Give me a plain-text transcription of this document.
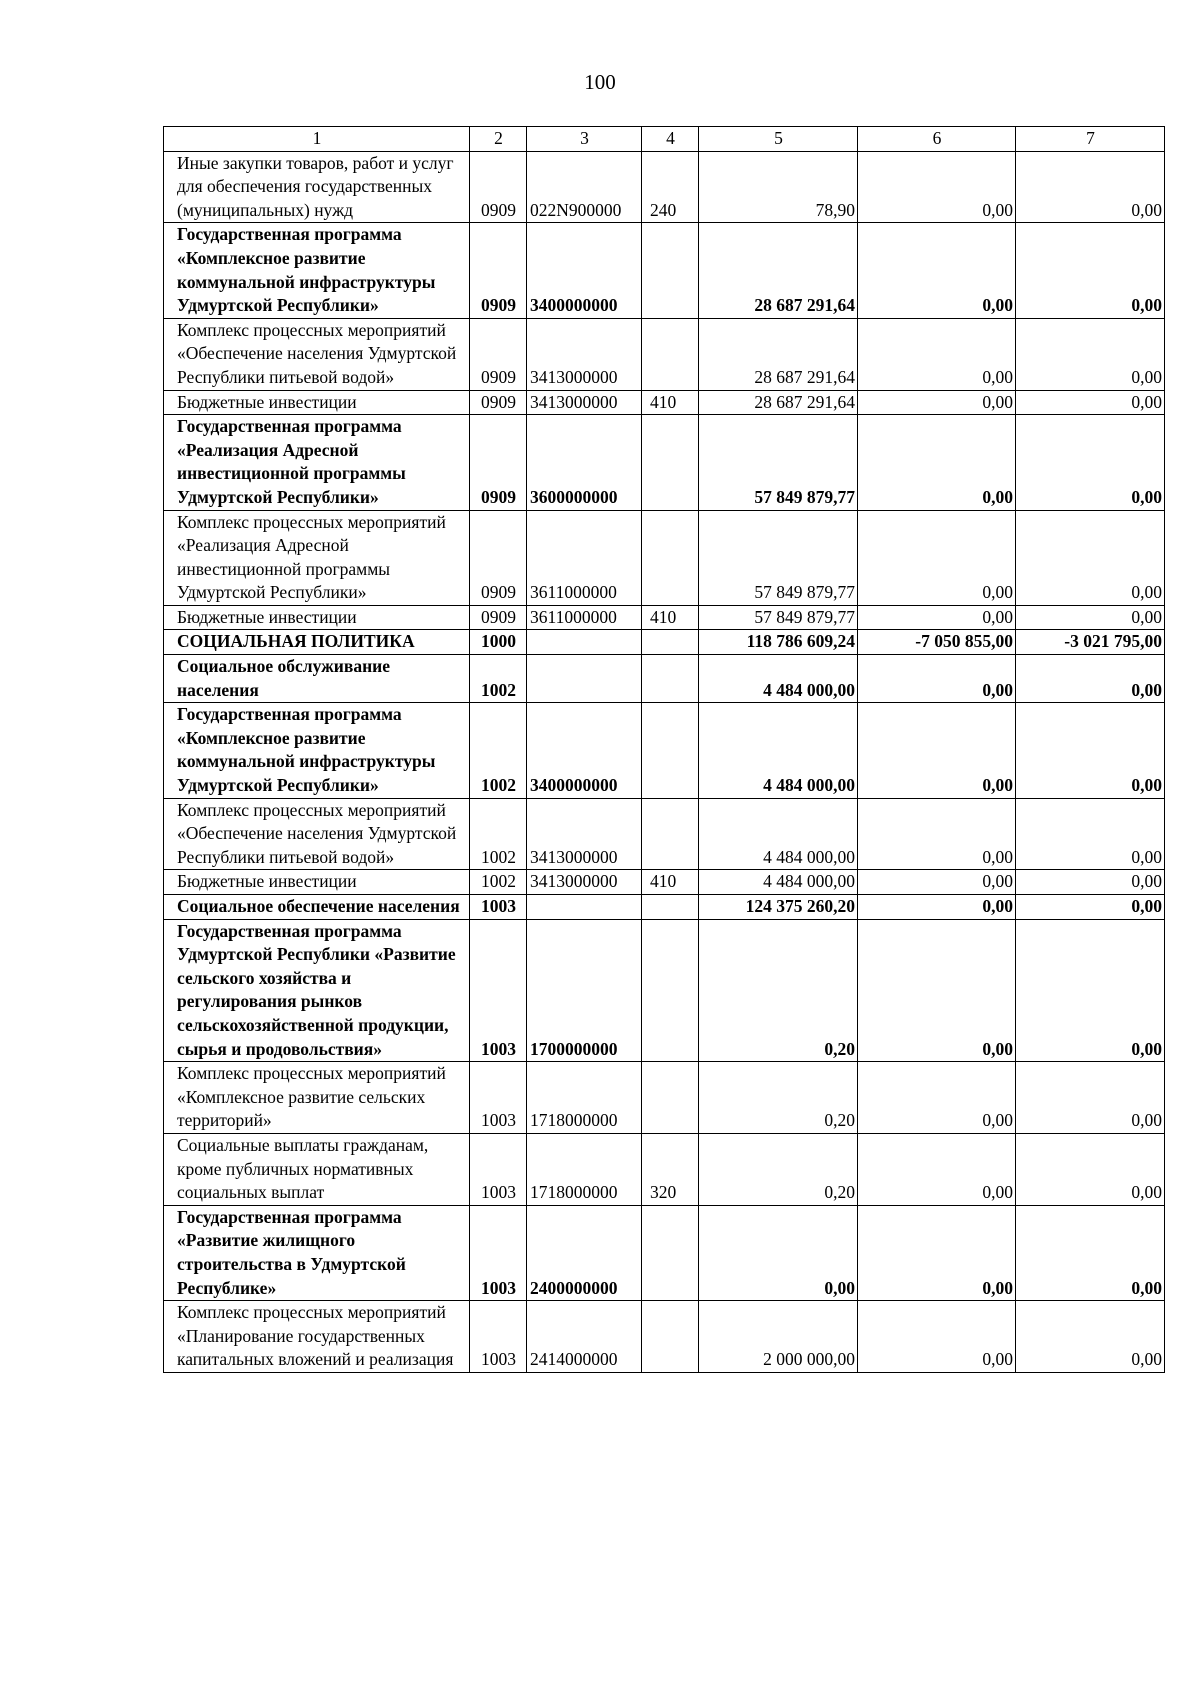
100
1	2	3	4	5	6	7
Иные закупки товаров, работ и услуг для обеспечения государственных (муниципальных) нужд	0909	022N900000	240	78,90	0,00	0,00
Государственная программа «Комплексное развитие коммунальной инфраструктуры Удмуртской Республики»	0909	3400000000		28 687 291,64	0,00	0,00
Комплекс процессных мероприятий «Обеспечение населения Удмуртской Республики питьевой водой»	0909	3413000000		28 687 291,64	0,00	0,00
Бюджетные инвестиции	0909	3413000000	410	28 687 291,64	0,00	0,00
Государственная программа «Реализация Адресной инвестиционной программы Удмуртской Республики»	0909	3600000000		57 849 879,77	0,00	0,00
Комплекс процессных мероприятий «Реализация Адресной инвестиционной программы Удмуртской Республики»	0909	3611000000		57 849 879,77	0,00	0,00
Бюджетные инвестиции	0909	3611000000	410	57 849 879,77	0,00	0,00
СОЦИАЛЬНАЯ ПОЛИТИКА	1000			118 786 609,24	-7 050 855,00	-3 021 795,00
Социальное обслуживание населения	1002			4 484 000,00	0,00	0,00
Государственная программа «Комплексное развитие коммунальной инфраструктуры Удмуртской Республики»	1002	3400000000		4 484 000,00	0,00	0,00
Комплекс процессных мероприятий «Обеспечение населения Удмуртской Республики питьевой водой»	1002	3413000000		4 484 000,00	0,00	0,00
Бюджетные инвестиции	1002	3413000000	410	4 484 000,00	0,00	0,00
Социальное обеспечение населения	1003			124 375 260,20	0,00	0,00
Государственная программа Удмуртской Республики «Развитие сельского хозяйства и регулирования рынков сельскохозяйственной продукции, сырья и продовольствия»	1003	1700000000		0,20	0,00	0,00
Комплекс процессных мероприятий «Комплексное развитие сельских территорий»	1003	1718000000		0,20	0,00	0,00
Социальные выплаты гражданам, кроме публичных нормативных социальных выплат	1003	1718000000	320	0,20	0,00	0,00
Государственная программа «Развитие жилищного строительства в Удмуртской Республике»	1003	2400000000		0,00	0,00	0,00
Комплекс процессных мероприятий «Планирование государственных капитальных вложений и реализация	1003	2414000000		2 000 000,00	0,00	0,00
